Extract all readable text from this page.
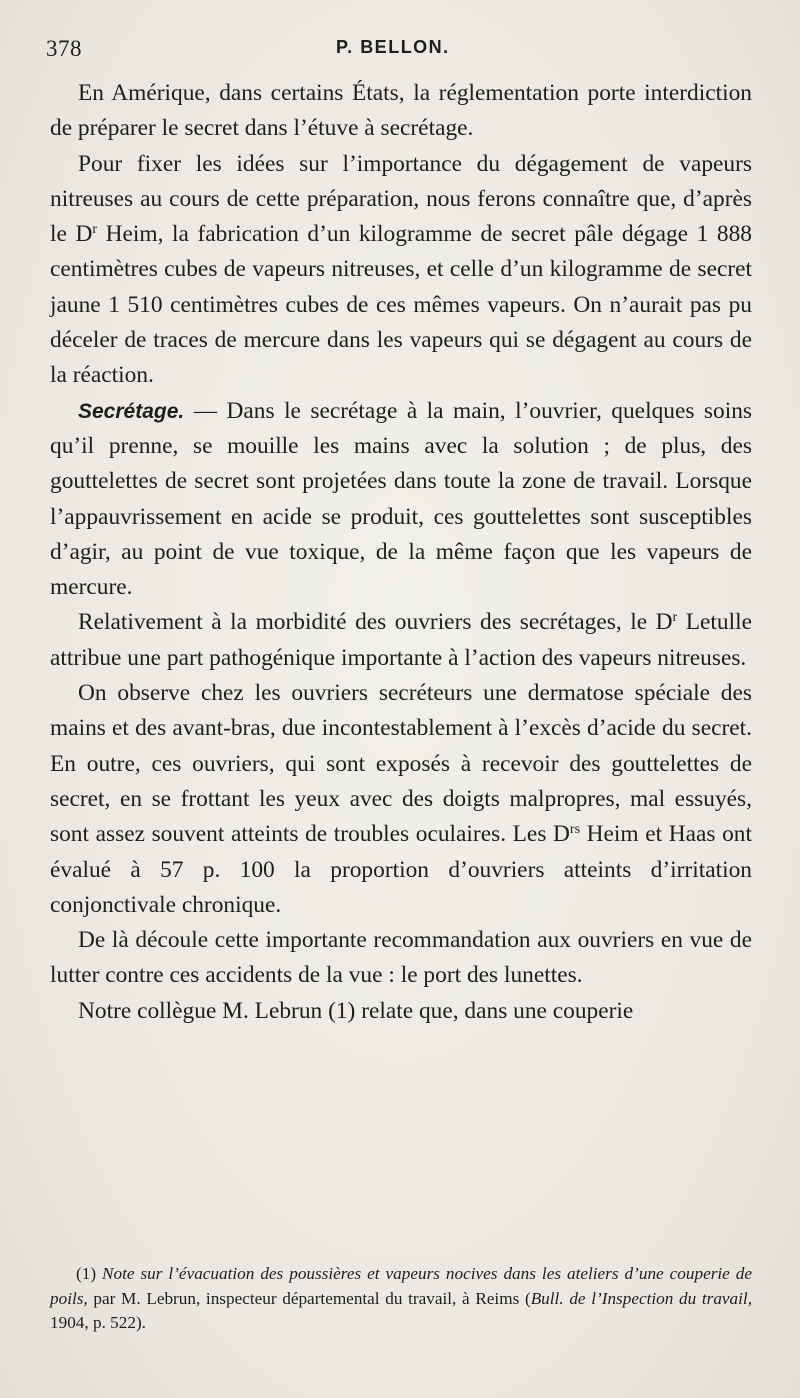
378	P. BELLON.

En Amérique, dans certains États, la réglementation porte interdiction de préparer le secret dans l’étuve à secrétage.

Pour fixer les idées sur l’importance du dégagement de vapeurs nitreuses au cours de cette préparation, nous ferons connaître que, d’après le $D^r$ Heim, la fabrication d’un kilogramme de secret pâle dégage 1 888 centimètres cubes de vapeurs nitreuses, et celle d’un kilogramme de secret jaune 1 510 centimètres cubes de ces mêmes vapeurs. On n’aurait pas pu déceler de traces de mercure dans les vapeurs qui se dégagent au cours de la réaction.

Secrétage. — Dans le secrétage à la main, l’ouvrier, quelques soins qu’il prenne, se mouille les mains avec la solution ; de plus, des gouttelettes de secret sont projetées dans toute la zone de travail. Lorsque l’appauvrissement en acide se produit, ces gouttelettes sont susceptibles d’agir, au point de vue toxique, de la même façon que les vapeurs de mercure.

Relativement à la morbidité des ouvriers des secrétages, le $D^r$ Letulle attribue une part pathogénique importante à l’action des vapeurs nitreuses.

On observe chez les ouvriers secréteurs une dermatose spéciale des mains et des avant-bras, due incontestablement à l’excès d’acide du secret. En outre, ces ouvriers, qui sont exposés à recevoir des gouttelettes de secret, en se frottant les yeux avec des doigts malpropres, mal essuyés, sont assez souvent atteints de troubles oculaires. Les $D^{rs}$ Heim et Haas ont évalué à 57 p. 100 la proportion d’ouvriers atteints d’irritation conjonctivale chronique.

De là découle cette importante recommandation aux ouvriers en vue de lutter contre ces accidents de la vue : le port des lunettes.

Notre collègue M. Lebrun (1) relate que, dans une couperie

(1) Note sur l’évacuation des poussières et vapeurs nocives dans les ateliers d’une couperie de poils, par M. Lebrun, inspecteur départemental du travail, à Reims (Bull. de l’Inspection du travail, 1904, p. 522).
